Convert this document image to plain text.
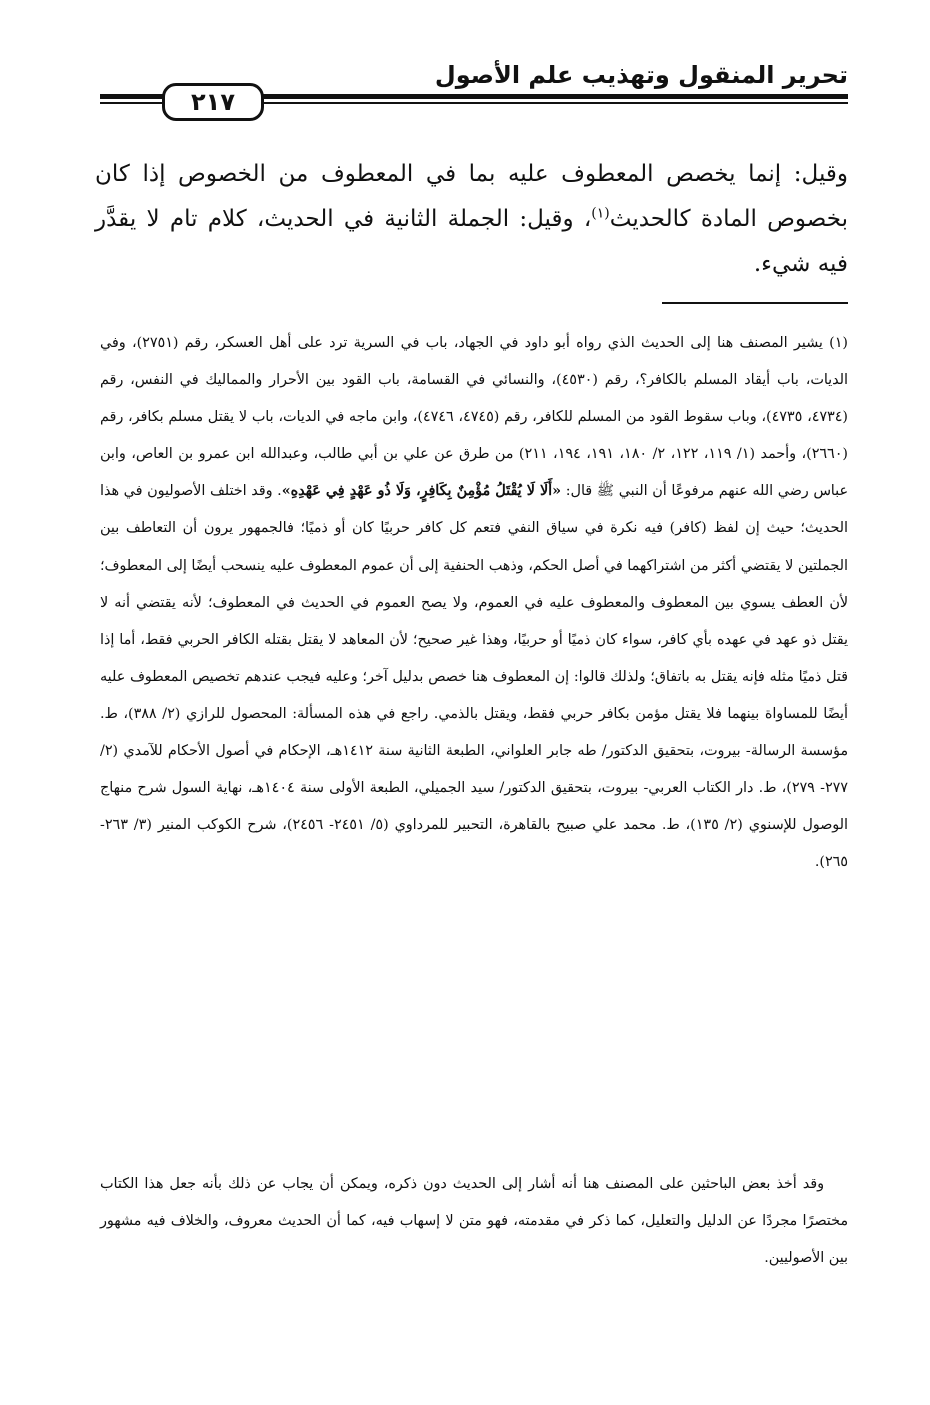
تحرير المنقول وتهذيب علم الأصول
٢١٧

وقيل: إنما يخصص المعطوف عليه بما في المعطوف من الخصوص إذا كان بخصوص المادة كالحديث$^{(١)}$، وقيل: الجملة الثانية في الحديث، كلام تام لا يقدَّر فيه شيء.

(١) يشير المصنف هنا إلى الحديث الذي رواه أبو داود في الجهاد، باب في السرية ترد على أهل العسكر، رقم (٢٧٥١)، وفي الديات، باب أيقاد المسلم بالكافر؟، رقم (٤٥٣٠)، والنسائي في القسامة، باب القود بين الأحرار والمماليك في النفس، رقم (٤٧٣٤، ٤٧٣٥)، وباب سقوط القود من المسلم للكافر، رقم (٤٧٤٥، ٤٧٤٦)، وابن ماجه في الديات، باب لا يقتل مسلم بكافر، رقم (٢٦٦٠)، وأحمد (١/ ١١٩، ١٢٢، ٢/ ١٨٠، ١٩١، ١٩٤، ٢١١) من طرق عن علي بن أبي طالب، وعبدالله ابن عمرو بن العاص، وابن عباس رضي الله عنهم مرفوعًا أن النبي ﷺ قال: «أَلَا لَا يُقْتَلُ مُؤْمِنٌ بِكَافِرٍ، وَلَا ذُو عَهْدٍ فِي عَهْدِهِ». وقد اختلف الأصوليون في هذا الحديث؛ حيث إن لفظ (كافر) فيه نكرة في سياق النفي فتعم كل كافر حربيًا كان أو ذميًا؛ فالجمهور يرون أن التعاطف بين الجملتين لا يقتضي أكثر من اشتراكهما في أصل الحكم، وذهب الحنفية إلى أن عموم المعطوف عليه ينسحب أيضًا إلى المعطوف؛ لأن العطف يسوي بين المعطوف والمعطوف عليه في العموم، ولا يصح العموم في الحديث في المعطوف؛ لأنه يقتضي أنه لا يقتل ذو عهد في عهده بأي كافر، سواء كان ذميًا أو حربيًا، وهذا غير صحيح؛ لأن المعاهد لا يقتل بقتله الكافر الحربي فقط، أما إذا قتل ذميًا مثله فإنه يقتل به باتفاق؛ ولذلك قالوا: إن المعطوف هنا خصص بدليل آخر؛ وعليه فيجب عندهم تخصيص المعطوف عليه أيضًا للمساواة بينهما فلا يقتل مؤمن بكافر حربي فقط، ويقتل بالذمي. راجع في هذه المسألة: المحصول للرازي (٢/ ٣٨٨)، ط. مؤسسة الرسالة- بيروت، بتحقيق الدكتور/ طه جابر العلواني، الطبعة الثانية سنة ١٤١٢هـ، الإحكام في أصول الأحكام للآمدي (٢/ ٢٧٧- ٢٧٩)، ط. دار الكتاب العربي- بيروت، بتحقيق الدكتور/ سيد الجميلي، الطبعة الأولى سنة ١٤٠٤هـ، نهاية السول شرح منهاج الوصول للإسنوي (٢/ ١٣٥)، ط. محمد علي صبيح بالقاهرة، التحبير للمرداوي (٥/ ٢٤٥١- ٢٤٥٦)، شرح الكوكب المنير (٣/ ٢٦٣- ٢٦٥).

وقد أخذ بعض الباحثين على المصنف هنا أنه أشار إلى الحديث دون ذكره، ويمكن أن يجاب عن ذلك بأنه جعل هذا الكتاب مختصرًا مجردًا عن الدليل والتعليل، كما ذكر في مقدمته، فهو متن لا إسهاب فيه، كما أن الحديث معروف، والخلاف فيه مشهور بين الأصوليين.
